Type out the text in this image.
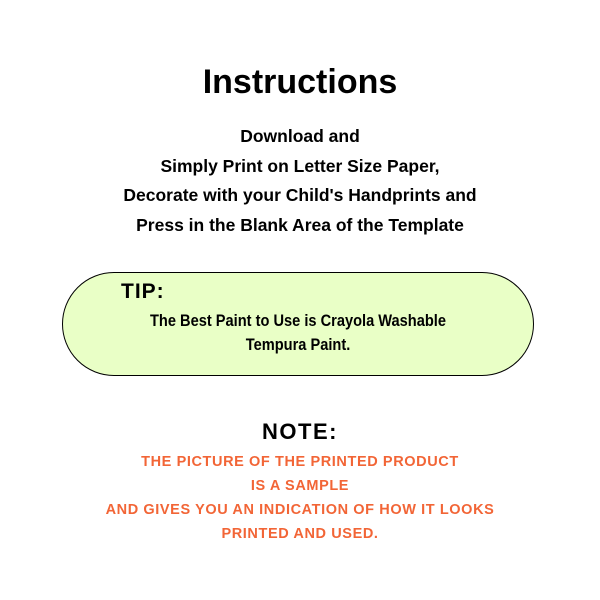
Instructions
Download and
Simply Print on Letter Size Paper,
Decorate with your Child's Handprints and
Press in the Blank Area of the Template
TIP:
The Best Paint to Use is Crayola Washable
Tempura Paint.
NOTE:
THE PICTURE OF THE PRINTED PRODUCT
IS A SAMPLE
AND GIVES YOU AN INDICATION OF HOW IT LOOKS
PRINTED AND USED.
